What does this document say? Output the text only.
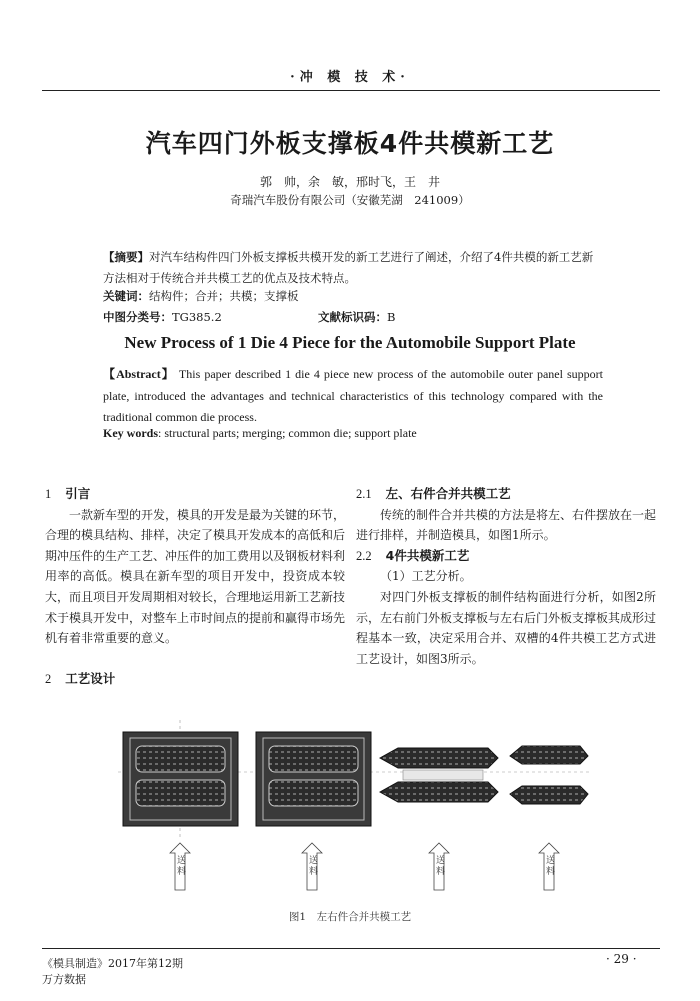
·冲 模 技 术·
汽车四门外板支撑板4件共模新工艺
郭　帅，余　敏，邢时飞，王　井
奇瑞汽车股份有限公司（安徽芜湖　241009）
【摘要】对汽车结构件四门外板支撑板共模开发的新工艺进行了阐述，介绍了4件共模的新工艺新方法相对于传统合并共模工艺的优点及技术特点。
关键词：结构件；合并；共模；支撑板
中图分类号：TG385.2	文献标识码：B
New Process of 1 Die 4 Piece for the Automobile Support Plate
【Abstract】 This paper described 1 die 4 piece new process of the automobile outer panel support plate, introduced the advantages and technical characteristics of this technology compared with the traditional common die process.
Key words: structural parts; merging; common die; support plate
1 引言

一款新车型的开发，模具的开发是最为关键的环节，合理的模具结构、排样，决定了模具开发成本的高低和后期冲压件的生产工艺、冲压件的加工费用以及钢板材料利用率的高低。模具在新车型的项目开发中，投资成本较大，而且项目开发周期相对较长，合理地运用新工艺新技术于模具开发中，对整车上市时间点的提前和赢得市场先机有着非常重要的意义。

2 工艺设计
2.1 左、右件合并共模工艺

传统的制件合并共模的方法是将左、右件摆放在一起进行排样，并制造模具，如图1所示。

2.2 4件共模新工艺

（1）工艺分析。

对四门外板支撑板的制件结构面进行分析，如图2所示，左右前门外板支撑板与左右后门外板支撑板其成形过程基本一致，决定采用合并、双槽的4件共模工艺方式进工艺设计，如图3所示。

送料
送料
送料
送料
图1　左右件合并共模工艺
《模具制造》2017年第12期	· 29 ·
万方数据
